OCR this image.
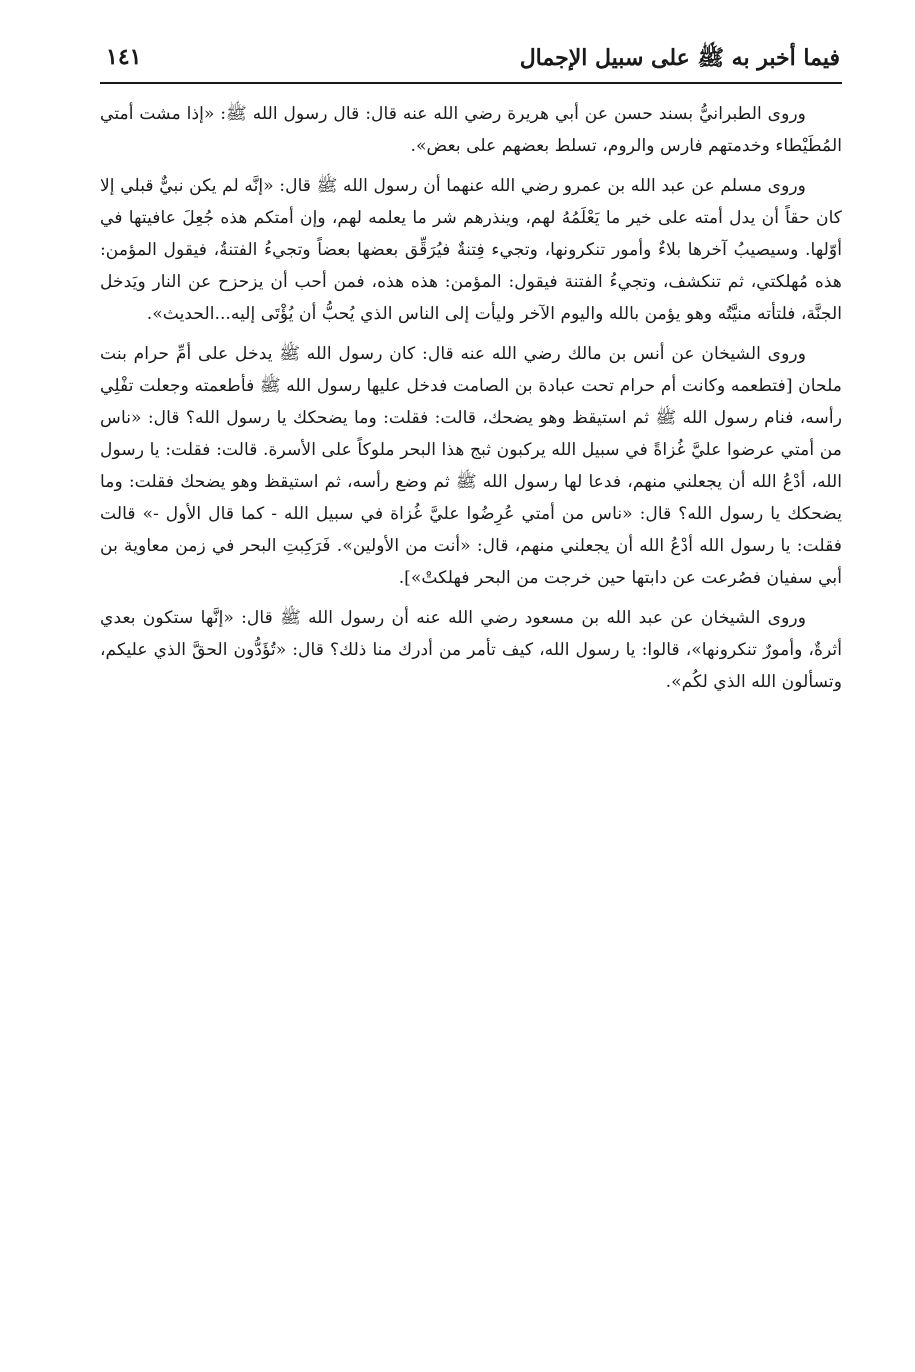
فيما أخبر به ﷺ على سبيل الإجمال
١٤١

وروى الطبرانيُّ بسند حسن عن أبي هريرة رضي الله عنه قال: قال رسول الله ﷺ: «إذا مشت أمتي المُطَيْطاء وخدمتهم فارس والروم، تسلط بعضهم على بعض».

وروى مسلم عن عبد الله بن عمرو رضي الله عنهما أن رسول الله ﷺ قال: «إنَّه لم يكن نبيٌّ قبلي إلا كان حقاً أن يدل أمته على خير ما يَعْلَمُهُ لهم، وينذرهم شر ما يعلمه لهم، وإن أمتكم هذه جُعِلَ عافيتها في أوّلها. وسيصيبُ آخرها بلاءٌ وأمور تنكرونها، وتجيء فِتنةٌ فيُرَقِّق بعضها بعضاً وتجيءُ الفتنةُ، فيقول المؤمن: هذه مُهلكتي، ثم تنكشف، وتجيءُ الفتنة فيقول: المؤمن: هذه هذه، فمن أحب أن يزحزح عن النار ويَدخل الجنَّة، فلتأته منيَّتُه وهو يؤمن بالله واليوم الآخر وليأت إلى الناس الذي يُحبُّ أن يُؤْتَى إليه...الحديث».

وروى الشيخان عن أنس بن مالك رضي الله عنه قال: كان رسول الله ﷺ يدخل على أمِّ حرام بنت ملحان [فتطعمه وكانت أم حرام تحت عبادة بن الصامت فدخل عليها رسول الله ﷺ فأطعمته وجعلت تفْلِي رأسه، فنام رسول الله ﷺ ثم استيقظ وهو يضحك، قالت: فقلت: وما يضحكك يا رسول الله؟ قال: «ناس من أمتي عرضوا عليَّ غُزاةً في سبيل الله يركبون ثبج هذا البحر ملوكاً على الأسرة. قالت: فقلت: يا رسول الله، أدْعُ الله أن يجعلني منهم، فدعا لها رسول الله ﷺ ثم وضع رأسه، ثم استيقظ وهو يضحك فقلت: وما يضحكك يا رسول الله؟ قال: «ناس من أمتي عُرِضُوا عليَّ غُزاة في سبيل الله - كما قال الأول -» قالت فقلت: يا رسول الله أدْعُ الله أن يجعلني منهم، قال: «أنت من الأولين». فَرَكِبتِ البحر في زمن معاوية بن أبي سفيان فصُرعت عن دابتها حين خرجت من البحر فهلكتْ»].

وروى الشيخان عن عبد الله بن مسعود رضي الله عنه أن رسول الله ﷺ قال: «إنَّها ستكون بعدي أثرةٌ، وأمورٌ تنكرونها»، قالوا: يا رسول الله، كيف تأمر من أدرك منا ذلك؟ قال: «تُؤَدُّون الحقَّ الذي عليكم، وتسألون الله الذي لكُم».
